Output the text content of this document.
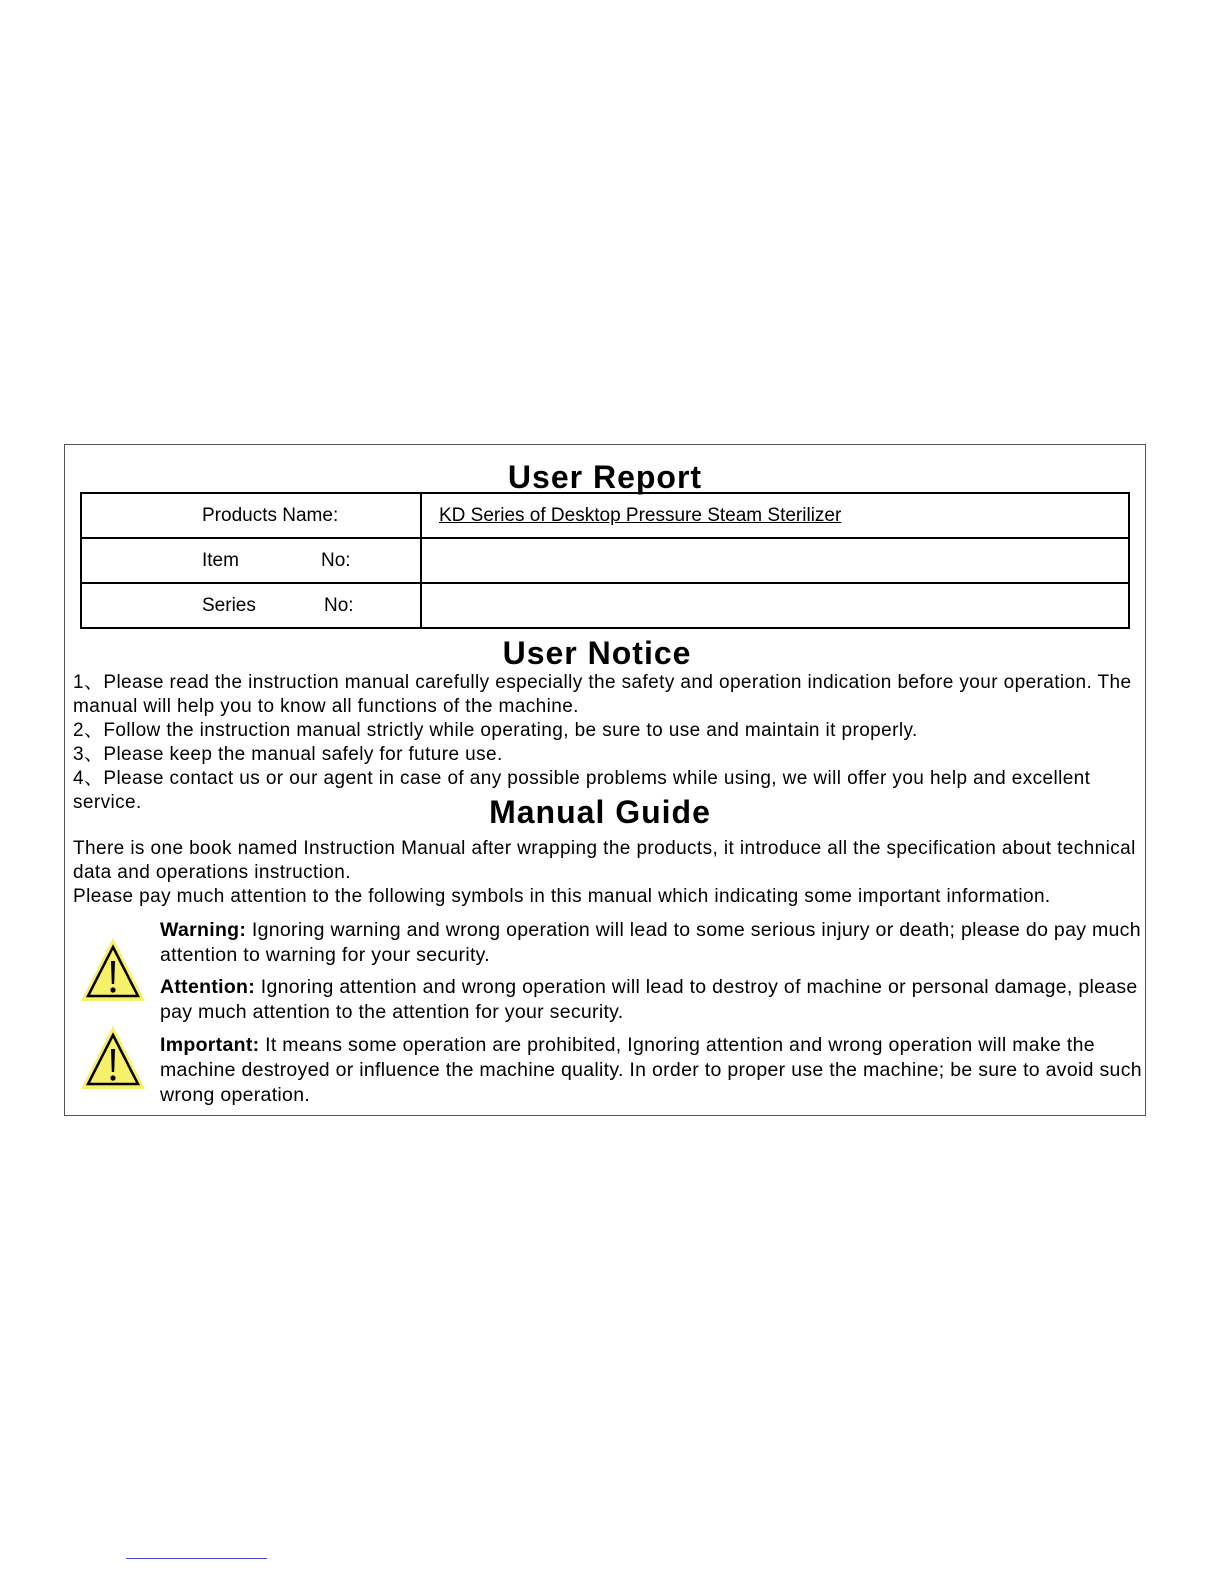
User Report
Products Name:	KD Series of Desktop Pressure Steam Sterilizer

Item No:	

Series No:	

User Notice

1、Please read the instruction manual carefully especially the safety and operation indication before your operation. The manual will help you to know all functions of the machine.

2、Follow the instruction manual strictly while operating, be sure to use and maintain it properly.

3、Please keep the manual safely for future use.

4、Please contact us or our agent in case of any possible problems while using, we will offer you help and excellent service.	Manual Guide

There is one book named Instruction Manual after wrapping the products, it introduce all the specification about technical data and operations instruction.

Please pay much attention to the following symbols in this manual which indicating some important information.

Warning: Ignoring warning and wrong operation will lead to some serious injury or death; please do pay much attention to warning for your security.
Attention: Ignoring attention and wrong operation will lead to destroy of machine or personal damage, please pay much attention to the attention for your security.
Important: It means some operation are prohibited, Ignoring attention and wrong operation will make the machine destroyed or influence the machine quality. In order to proper use the machine; be sure to avoid such wrong operation.
